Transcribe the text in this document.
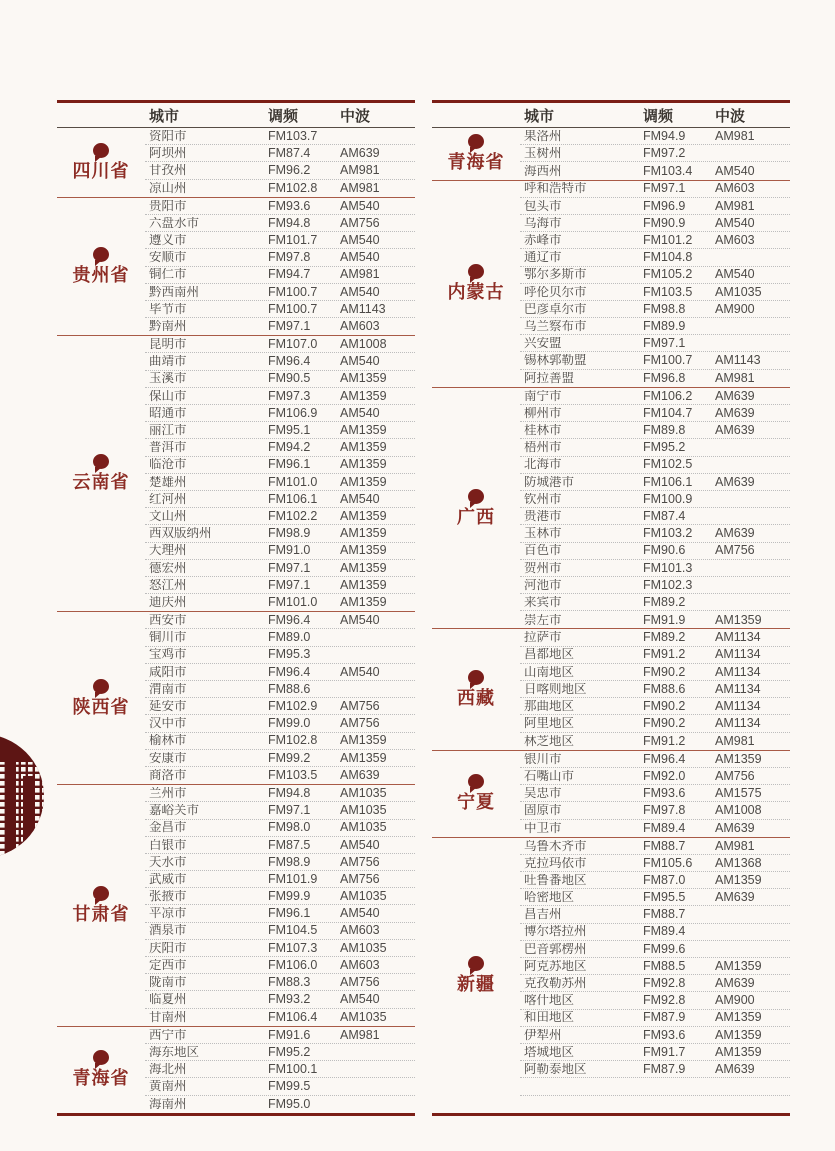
城市	调频	中波
四川省
资阳市	FM103.7
阿坝州	FM87.4	AM639
甘孜州	FM96.2	AM981
凉山州	FM102.8	AM981
贵州省
贵阳市	FM93.6	AM540
六盘水市	FM94.8	AM756
遵义市	FM101.7	AM540
安顺市	FM97.8	AM540
铜仁市	FM94.7	AM981
黔西南州	FM100.7	AM540
毕节市	FM100.7	AM1143
黔南州	FM97.1	AM603
云南省
昆明市	FM107.0	AM1008
曲靖市	FM96.4	AM540
玉溪市	FM90.5	AM1359
保山市	FM97.3	AM1359
昭通市	FM106.9	AM540
丽江市	FM95.1	AM1359
普洱市	FM94.2	AM1359
临沧市	FM96.1	AM1359
楚雄州	FM101.0	AM1359
红河州	FM106.1	AM540
文山州	FM102.2	AM1359
西双版纳州	FM98.9	AM1359
大理州	FM91.0	AM1359
德宏州	FM97.1	AM1359
怒江州	FM97.1	AM1359
迪庆州	FM101.0	AM1359
陕西省
西安市	FM96.4	AM540
铜川市	FM89.0
宝鸡市	FM95.3
咸阳市	FM96.4	AM540
渭南市	FM88.6
延安市	FM102.9	AM756
汉中市	FM99.0	AM756
榆林市	FM102.8	AM1359
安康市	FM99.2	AM1359
商洛市	FM103.5	AM639
甘肃省
兰州市	FM94.8	AM1035
嘉峪关市	FM97.1	AM1035
金昌市	FM98.0	AM1035
白银市	FM87.5	AM540
天水市	FM98.9	AM756
武威市	FM101.9	AM756
张掖市	FM99.9	AM1035
平凉市	FM96.1	AM540
酒泉市	FM104.5	AM603
庆阳市	FM107.3	AM1035
定西市	FM106.0	AM603
陇南市	FM88.3	AM756
临夏州	FM93.2	AM540
甘南州	FM106.4	AM1035
青海省
西宁市	FM91.6	AM981
海东地区	FM95.2
海北州	FM100.1
黄南州	FM99.5
海南州	FM95.0
城市	调频	中波
青海省
果洛州	FM94.9	AM981
玉树州	FM97.2
海西州	FM103.4	AM540
内蒙古
呼和浩特市	FM97.1	AM603
包头市	FM96.9	AM981
乌海市	FM90.9	AM540
赤峰市	FM101.2	AM603
通辽市	FM104.8
鄂尔多斯市	FM105.2	AM540
呼伦贝尔市	FM103.5	AM1035
巴彦卓尔市	FM98.8	AM900
乌兰察布市	FM89.9
兴安盟	FM97.1
锡林郭勒盟	FM100.7	AM1143
阿拉善盟	FM96.8	AM981
广西
南宁市	FM106.2	AM639
柳州市	FM104.7	AM639
桂林市	FM89.8	AM639
梧州市	FM95.2
北海市	FM102.5
防城港市	FM106.1	AM639
钦州市	FM100.9
贵港市	FM87.4
玉林市	FM103.2	AM639
百色市	FM90.6	AM756
贺州市	FM101.3
河池市	FM102.3
来宾市	FM89.2
崇左市	FM91.9	AM1359
西藏
拉萨市	FM89.2	AM1134
昌都地区	FM91.2	AM1134
山南地区	FM90.2	AM1134
日喀则地区	FM88.6	AM1134
那曲地区	FM90.2	AM1134
阿里地区	FM90.2	AM1134
林芝地区	FM91.2	AM981
宁夏
银川市	FM96.4	AM1359
石嘴山市	FM92.0	AM756
吴忠市	FM93.6	AM1575
固原市	FM97.8	AM1008
中卫市	FM89.4	AM639
新疆
乌鲁木齐市	FM88.7	AM981
克拉玛依市	FM105.6	AM1368
吐鲁番地区	FM87.0	AM1359
哈密地区	FM95.5	AM639
昌吉州	FM88.7
博尔塔拉州	FM89.4
巴音郭楞州	FM99.6
阿克苏地区	FM88.5	AM1359
克孜勒苏州	FM92.8	AM639
喀什地区	FM92.8	AM900
和田地区	FM87.9	AM1359
伊犁州	FM93.6	AM1359
塔城地区	FM91.7	AM1359
阿勒泰地区	FM87.9	AM639
